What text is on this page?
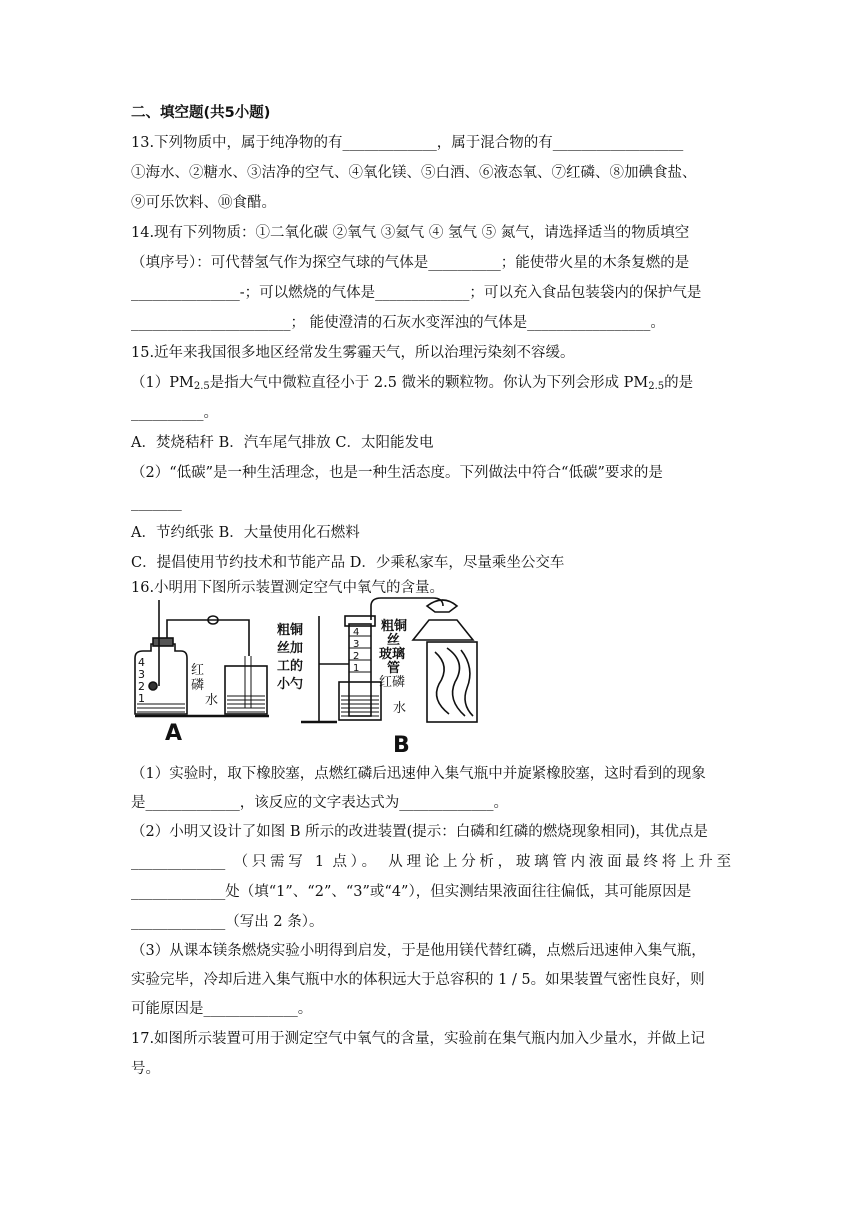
二、填空题(共5小题)
13.下列物质中，属于纯净物的有_____________，属于混合物的有__________________
①海水、②糖水、③洁净的空气、④氧化镁、⑤白酒、⑥液态氧、⑦红磷、⑧加碘食盐、
⑨可乐饮料、⑩食醋。
14.现有下列物质：①二氧化碳 ②氧气 ③氦气 ④ 氢气 ⑤ 氮气，请选择适当的物质填空
（填序号）：可代替氢气作为探空气球的气体是__________；能使带火星的木条复燃的是
_______________-；可以燃烧的气体是_____________；可以充入食品包装袋内的保护气是
______________________； 能使澄清的石灰水变浑浊的气体是_________________。
15.近年来我国很多地区经常发生雾霾天气，所以治理污染刻不容缓。
$(1)PM_{2.5}$是指大气中微粒直径小于 2.5 微米的颗粒物。你认为下列会形成 $PM_{2.5}$的是
__________。
A．焚烧秸秆 B．汽车尾气排放 C．太阳能发电
（2）“低碳”是一种生活理念，也是一种生活态度。下列做法中符合“低碳”要求的是
_______
A．节约纸张 B．大量使用化石燃料
C．提倡使用节约技术和节能产品 D．少乘私家车，尽量乘坐公交车
16.小明用下图所示装置测定空气中氧气的含量。
4
3
2
1
红
磷
水
A
4
3
2
1
粗铜
丝加
工的
小勺
粗铜
丝
玻璃
管
红磷
水
B
（1）实验时，取下橡胶塞，点燃红磷后迅速伸入集气瓶中并旋紧橡胶塞，这时看到的现象
是_____________，该反应的文字表达式为_____________。
（2）小明又设计了如图 B 所示的改进装置(提示：白磷和红磷的燃烧现象相同)，其优点是
_____________ （只需写 1 点）。 从理论上分析，玻璃管内液面最终将上升至
_____________处（填“1”、“2”、“3”或“4”），但实测结果液面往往偏低，其可能原因是
_____________（写出 2 条）。
（3）从课本镁条燃烧实验小明得到启发，于是他用镁代替红磷，点燃后迅速伸入集气瓶，
实验完毕，冷却后进入集气瓶中水的体积远大于总容积的 1 / 5。如果装置气密性良好，则
可能原因是_____________。
17.如图所示装置可用于测定空气中氧气的含量，实验前在集气瓶内加入少量水，并做上记
号。
